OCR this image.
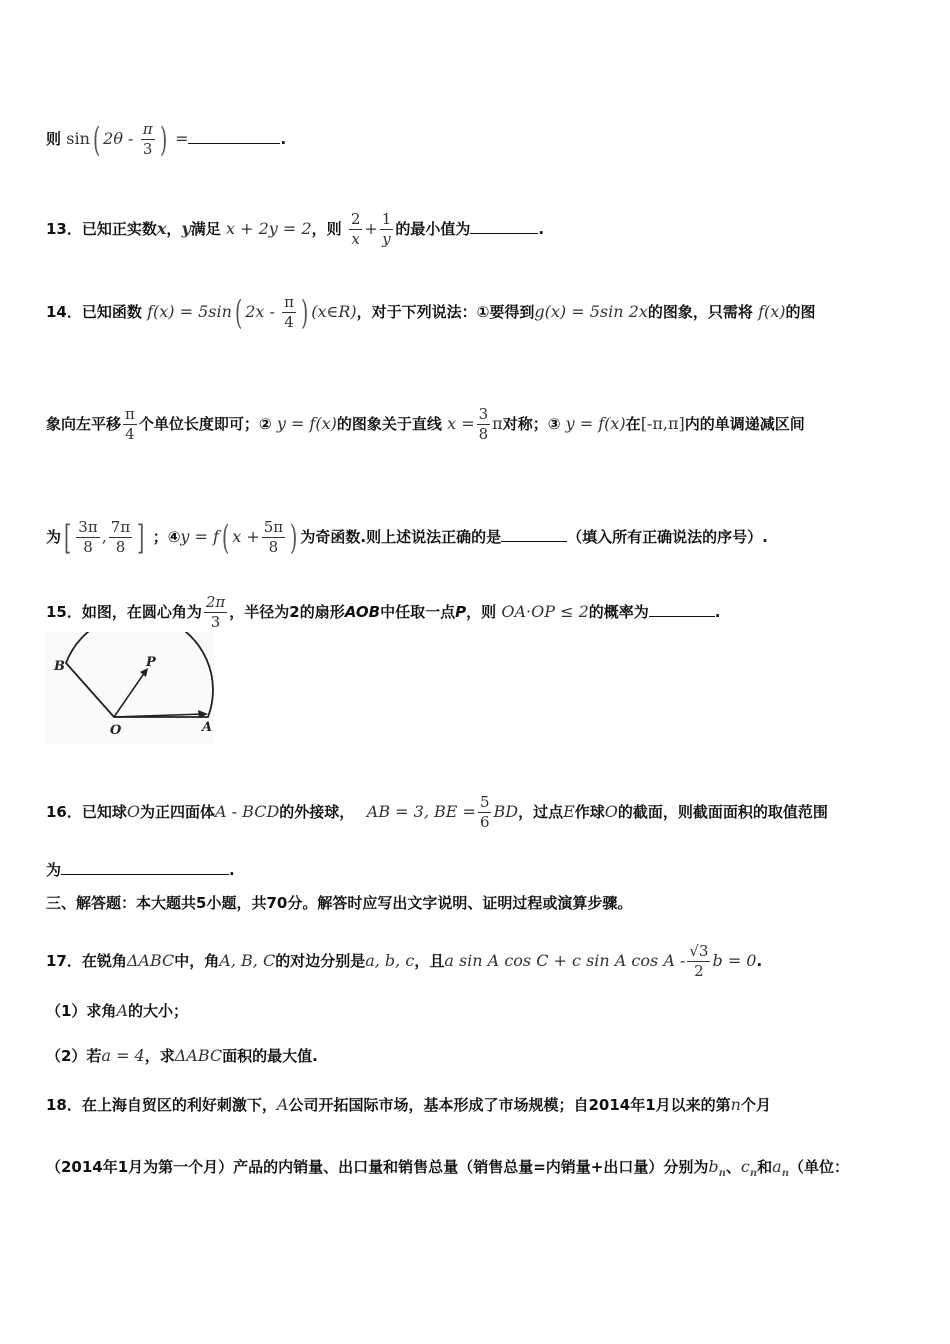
则 sin( $2\theta - \frac{\pi}{3}$ ) =	.
13．已知正实数x，y满足 x + 2y = 2，则 $\frac{2}{x} + \frac{1}{y}$ 的最小值为	.
14．已知函数 f(x) = 5sin( $2x - \frac{\pi}{4}$ ) (x∈R)，对于下列说法：①要得到g(x) = 5sin 2x的图象，只需将 f(x)的图
象向左平移 $\frac{\pi}{4}$ 个单位长度即可；② y = f(x)的图象关于直线 $x = \frac{3}{8}$ π对称；③ y = f(x)在[-π,π]内的单调递减区间
为[ $\frac{3\pi}{8}$ , $\frac{7\pi}{8}$ ] ；④y = f( $x + \frac{5\pi}{8}$ ) 为奇函数.则上述说法正确的是	（填入所有正确说法的序号）.
15．如图，在圆心角为 $\frac{2\pi}{3}$ ，半径为2的扇形AOB中任取一点P，则 OA·OP ≤ 2的概率为	.
B	P
O	A
16．已知球O为正四面体A - BCD的外接球， AB = 3, BE = $\frac{5}{6}$ BD，过点E作球O的截面，则截面面积的取值范围
为	.
三、解答题：本大题共5小题，共70分。解答时应写出文字说明、证明过程或演算步骤。
17．在锐角ΔABC中，角A, B, C的对边分别是a, b, c，且a sin A cos C + c sin A cos A - $\frac{√3}{2}$ b = 0.
（1）求角A的大小；
（2）若a = 4，求ΔABC面积的最大值.
18．在上海自贸区的利好刺激下，A公司开拓国际市场，基本形成了市场规模；自2014年1月以来的第n个月
（2014年1月为第一个月）产品的内销量、出口量和销售总量（销售总量=内销量+出口量）分别为$b_n$、$c_n$和$a_n$（单位：
